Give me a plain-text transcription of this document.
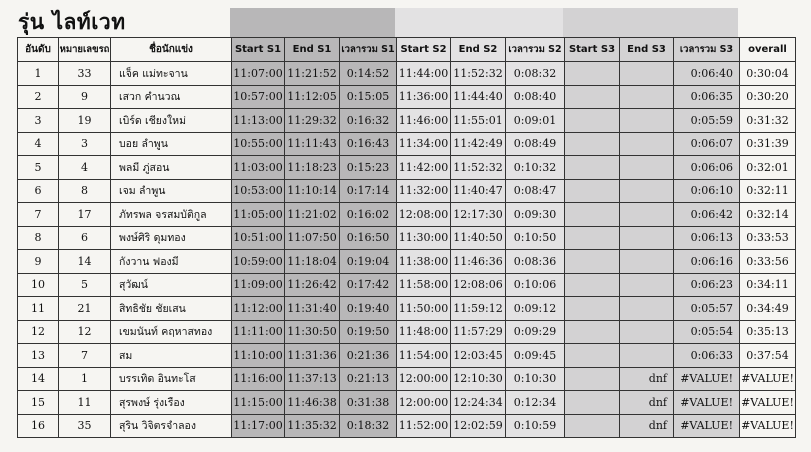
รุ่น ไลท์เวท
อันดับ	หมายเลขรถ	ชื่อนักแข่ง	Start S1	End S1	เวลารวม S1	Start S2	End S2	เวลารวม S2	Start S3	End S3	เวลารวม S3	overall
1	33	แจ็ค แม่ทะจาน	11:07:00	11:21:52	0:14:52	11:44:00	11:52:32	0:08:32			0:06:40	0:30:04
2	9	เสวก คำนวณ	10:57:00	11:12:05	0:15:05	11:36:00	11:44:40	0:08:40			0:06:35	0:30:20
3	19	เบิร์ด เชียงใหม่	11:13:00	11:29:32	0:16:32	11:46:00	11:55:01	0:09:01			0:05:59	0:31:32
4	3	บอย ลำพูน	10:55:00	11:11:43	0:16:43	11:34:00	11:42:49	0:08:49			0:06:07	0:31:39
5	4	พลมี ภู่สอน	11:03:00	11:18:23	0:15:23	11:42:00	11:52:32	0:10:32			0:06:06	0:32:01
6	8	เจม ลำพูน	10:53:00	11:10:14	0:17:14	11:32:00	11:40:47	0:08:47			0:06:10	0:32:11
7	17	ภัทรพล จรสมบัติกูล	11:05:00	11:21:02	0:16:02	12:08:00	12:17:30	0:09:30			0:06:42	0:32:14
8	6	พงษ์ศิริ ดุมทอง	10:51:00	11:07:50	0:16:50	11:30:00	11:40:50	0:10:50			0:06:13	0:33:53
9	14	กังวาน ฟองมี	10:59:00	11:18:04	0:19:04	11:38:00	11:46:36	0:08:36			0:06:16	0:33:56
10	5	สุวัฒน์	11:09:00	11:26:42	0:17:42	11:58:00	12:08:06	0:10:06			0:06:23	0:34:11
11	21	สิทธิชัย ชัยเสน	11:12:00	11:31:40	0:19:40	11:50:00	11:59:12	0:09:12			0:05:57	0:34:49
12	12	เขมนันท์ คฤหาสทอง	11:11:00	11:30:50	0:19:50	11:48:00	11:57:29	0:09:29			0:05:54	0:35:13
13	7	สม	11:10:00	11:31:36	0:21:36	11:54:00	12:03:45	0:09:45			0:06:33	0:37:54
14	1	บรรเทิด อินทะโส	11:16:00	11:37:13	0:21:13	12:00:00	12:10:30	0:10:30		dnf	#VALUE!	#VALUE!
15	11	สุรพงษ์ รุ่งเรือง	11:15:00	11:46:38	0:31:38	12:00:00	12:24:34	0:12:34		dnf	#VALUE!	#VALUE!
16	35	สุริน วิจิตรจำลอง	11:17:00	11:35:32	0:18:32	11:52:00	12:02:59	0:10:59		dnf	#VALUE!	#VALUE!
